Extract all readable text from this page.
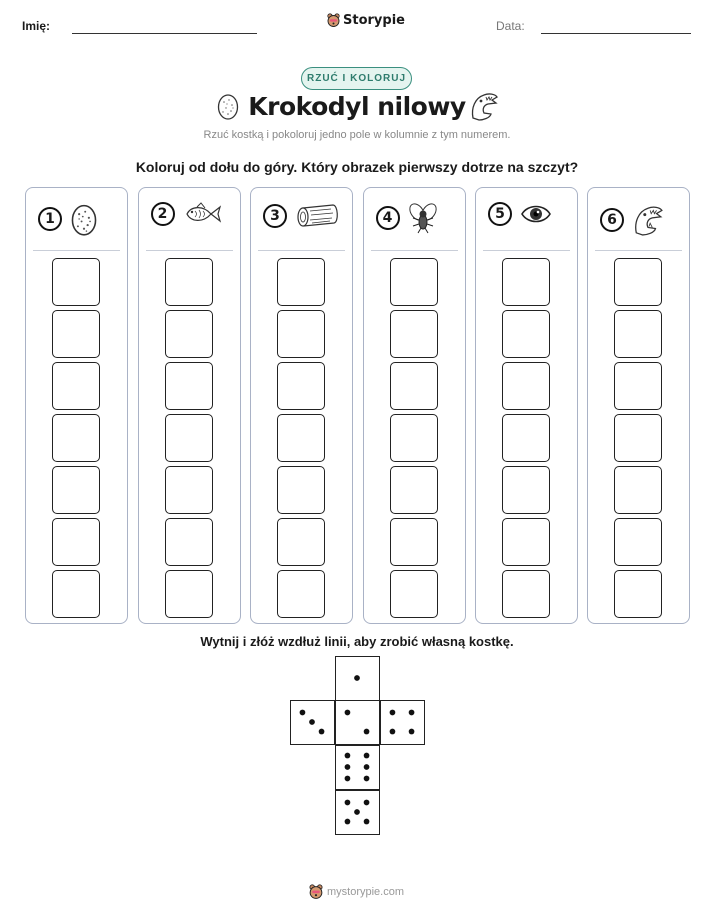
Imię:	Storypie	Data:
RZUĆ I KOLORUJ
Krokodyl nilowy
Rzuć kostką i pokoloruj jedno pole w kolumnie z tym numerem.
Koloruj od dołu do góry. Który obrazek pierwszy dotrze na szczyt?
1	2	3	4	5	6
Wytnij i złóż wzdłuż linii, aby zrobić własną kostkę.
mystorypie.com
